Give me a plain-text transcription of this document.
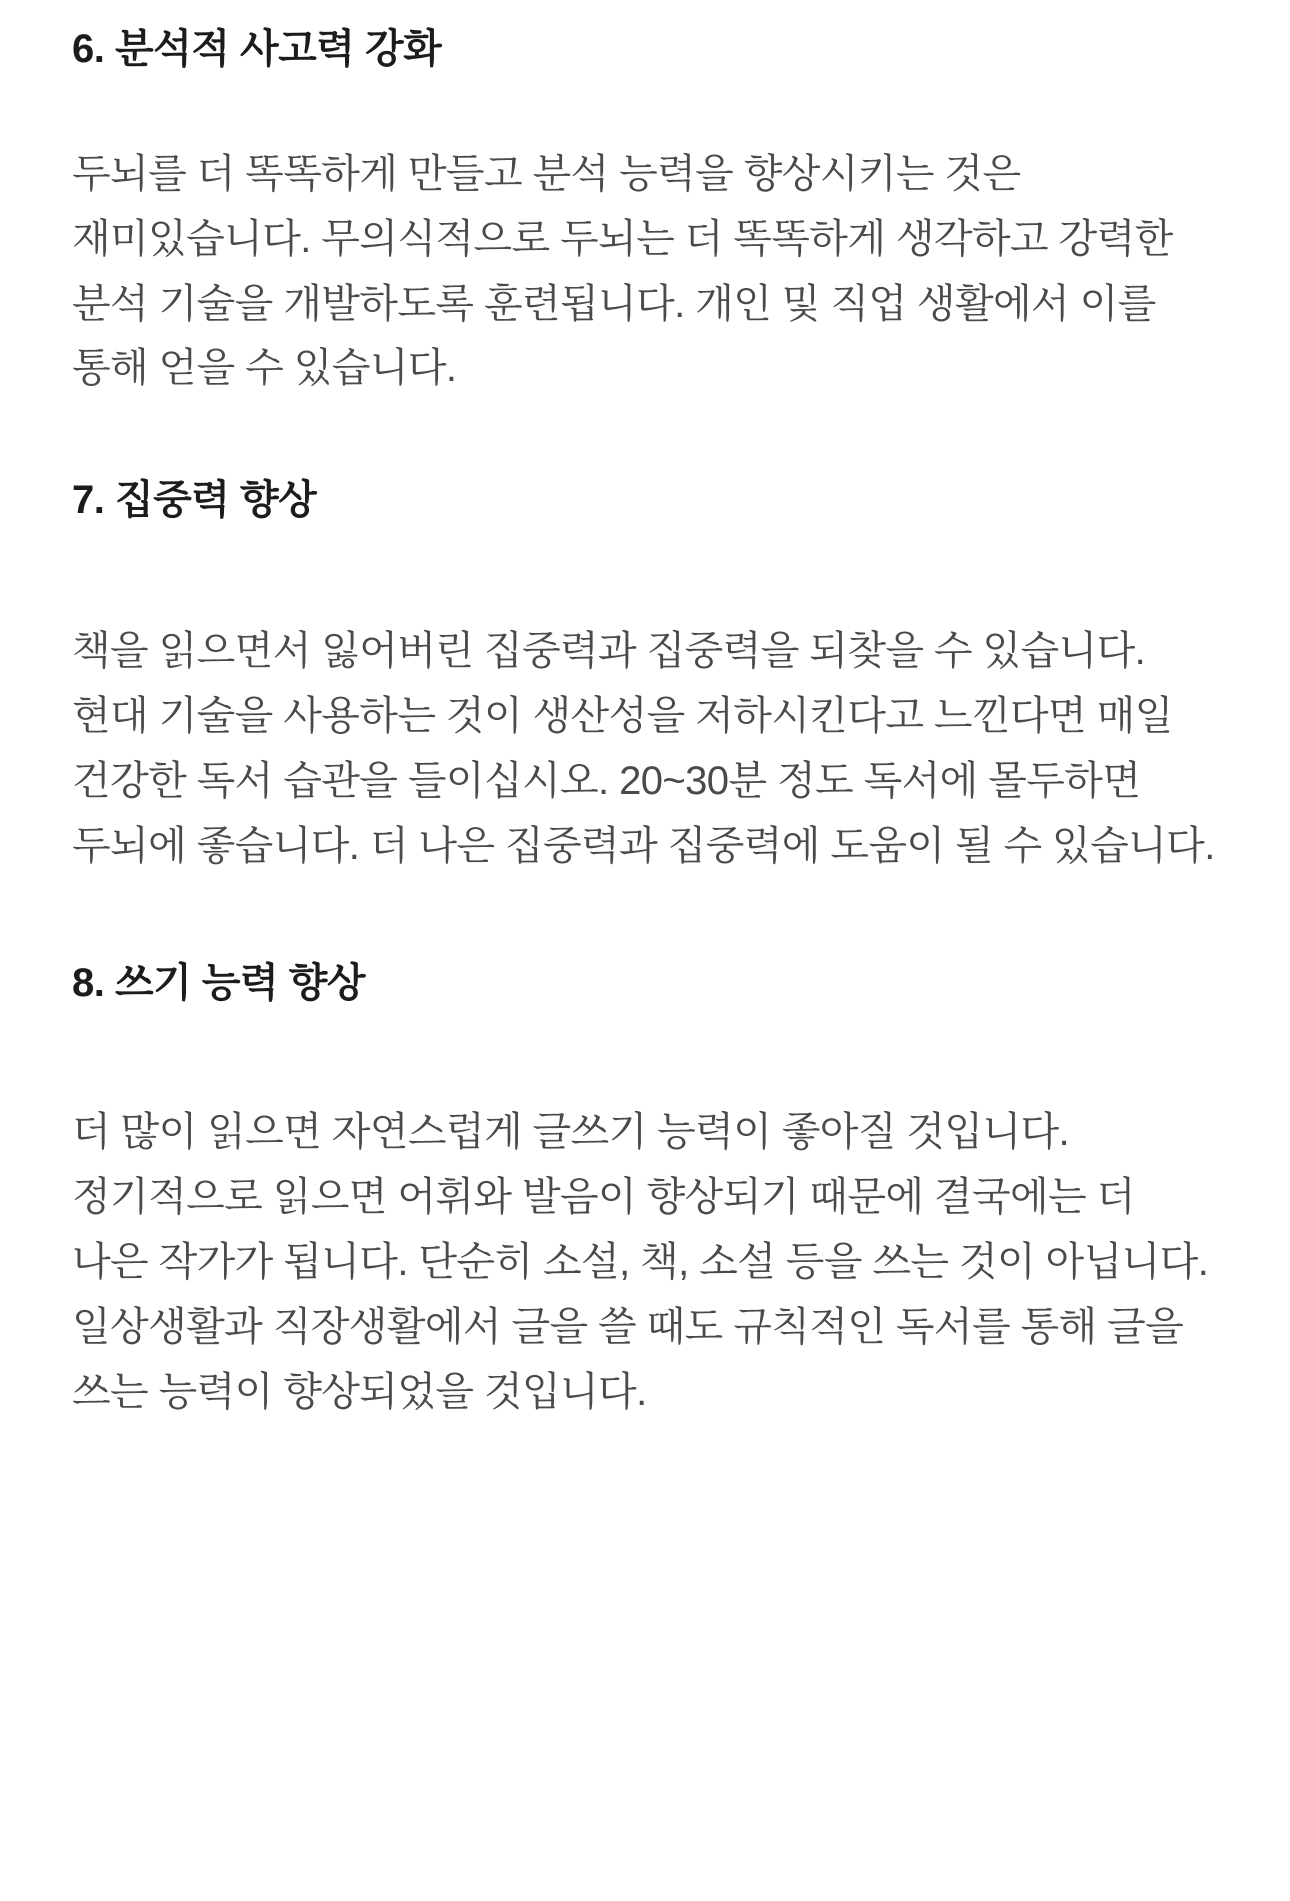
6. 분석적 사고력 강화

두뇌를 더 똑똑하게 만들고 분석 능력을 향상시키는 것은 재미있습니다. 무의식적으로 두뇌는 더 똑똑하게 생각하고 강력한 분석 기술을 개발하도록 훈련됩니다. 개인 및 직업 생활에서 이를 통해 얻을 수 있습니다.

7. 집중력 향상

책을 읽으면서 잃어버린 집중력과 집중력을 되찾을 수 있습니다. 현대 기술을 사용하는 것이 생산성을 저하시킨다고 느낀다면 매일 건강한 독서 습관을 들이십시오. 20~30분 정도 독서에 몰두하면 두뇌에 좋습니다. 더 나은 집중력과 집중력에 도움이 될 수 있습니다.

8. 쓰기 능력 향상

더 많이 읽으면 자연스럽게 글쓰기 능력이 좋아질 것입니다. 정기적으로 읽으면 어휘와 발음이 향상되기 때문에 결국에는 더 나은 작가가 됩니다. 단순히 소설, 책, 소설 등을 쓰는 것이 아닙니다. 일상생활과 직장생활에서 글을 쓸 때도 규칙적인 독서를 통해 글을 쓰는 능력이 향상되었을 것입니다.
